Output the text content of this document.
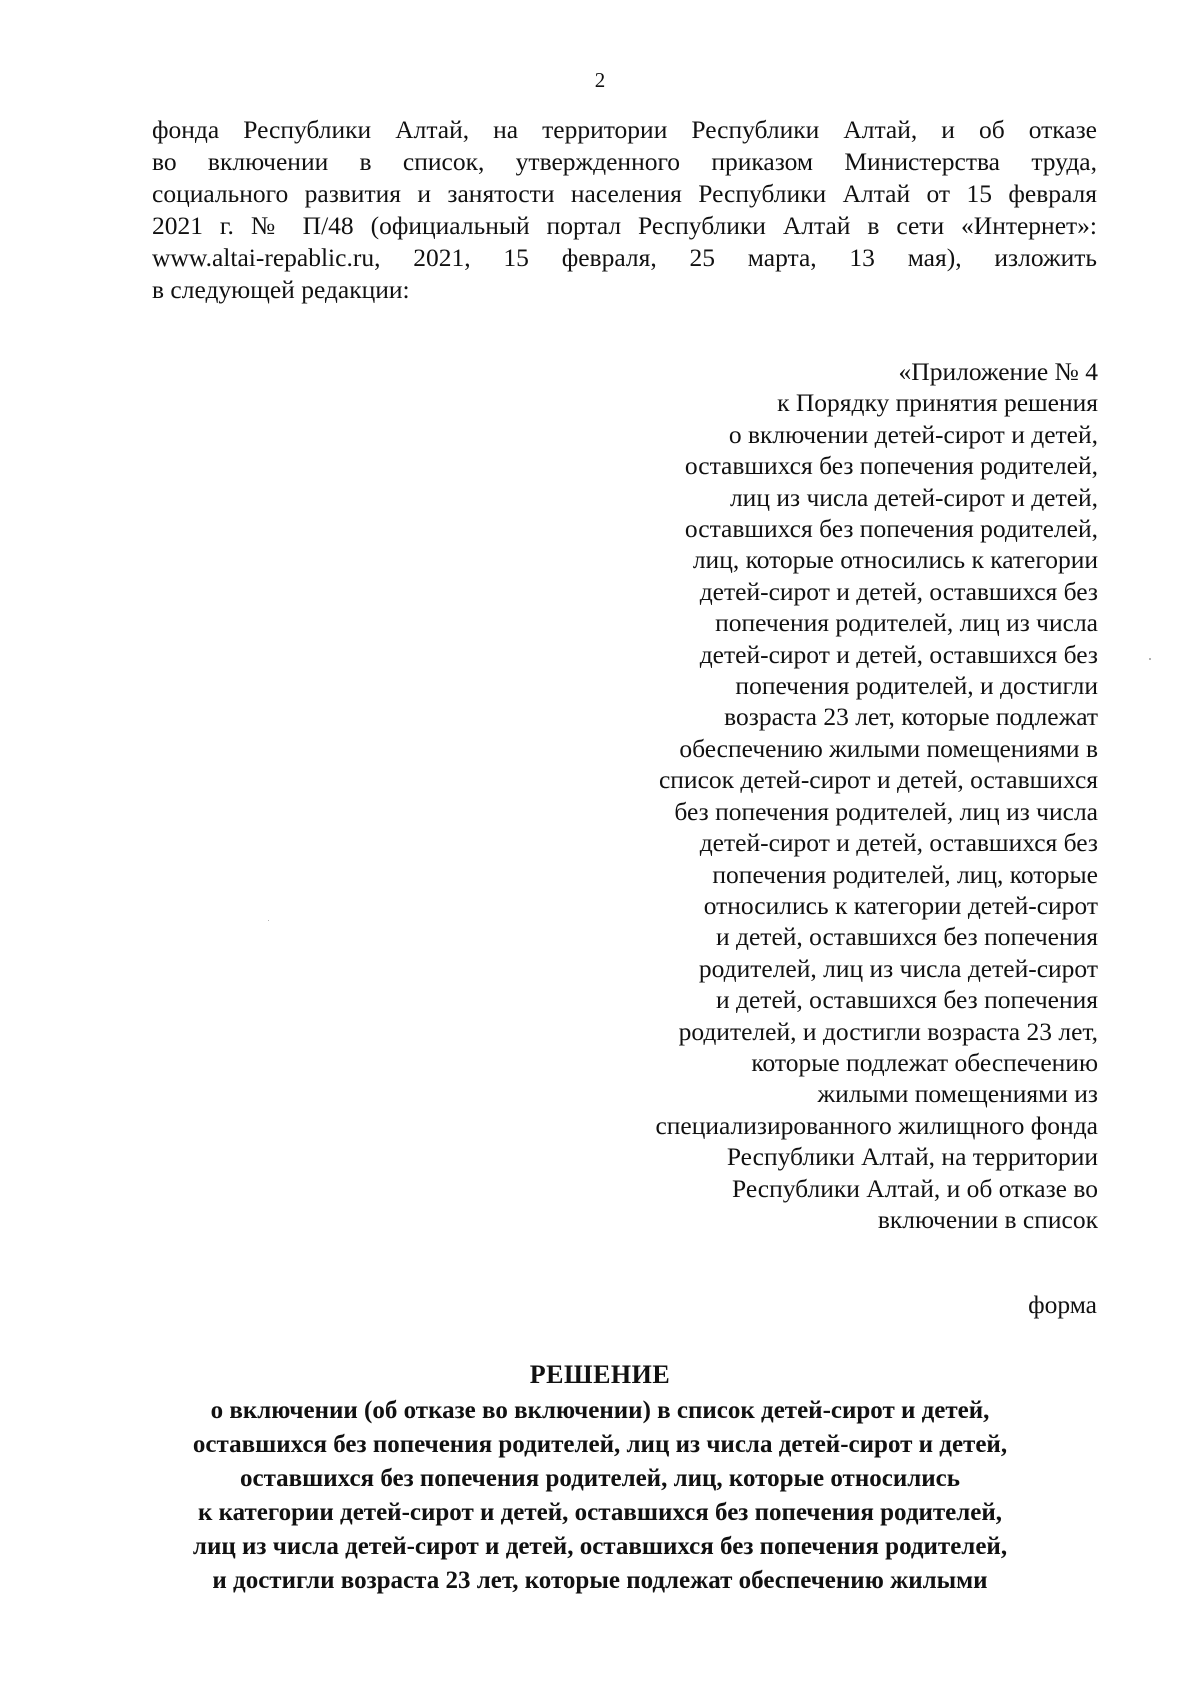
2
фонда Республики Алтай, на территории Республики Алтай, и об отказе
во включении в список, утвержденного приказом Министерства труда,
социального развития и занятости населения Республики Алтай от 15 февраля
2021 г. № П/48 (официальный портал Республики Алтай в сети «Интернет»:
www.altai-repablic.ru, 2021, 15 февраля, 25 марта, 13 мая), изложить
в следующей редакции:
«Приложение № 4
к Порядку принятия решения
о включении детей-сирот и детей,
оставшихся без попечения родителей,
лиц из числа детей-сирот и детей,
оставшихся без попечения родителей,
лиц, которые относились к категории
детей-сирот и детей, оставшихся без
попечения родителей, лиц из числа
детей-сирот и детей, оставшихся без
попечения родителей, и достигли
возраста 23 лет, которые подлежат
обеспечению жилыми помещениями в
список детей-сирот и детей, оставшихся
без попечения родителей, лиц из числа
детей-сирот и детей, оставшихся без
попечения родителей, лиц, которые
относились к категории детей-сирот
и детей, оставшихся без попечения
родителей, лиц из числа детей-сирот
и детей, оставшихся без попечения
родителей, и достигли возраста 23 лет,
которые подлежат обеспечению
жилыми помещениями из
специализированного жилищного фонда
Республики Алтай, на территории
Республики Алтай, и об отказе во
включении в список
форма
РЕШЕНИЕ
о включении (об отказе во включении) в список детей-сирот и детей,
оставшихся без попечения родителей, лиц из числа детей-сирот и детей,
оставшихся без попечения родителей, лиц, которые относились
к категории детей-сирот и детей, оставшихся без попечения родителей,
лиц из числа детей-сирот и детей, оставшихся без попечения родителей,
и достигли возраста 23 лет, которые подлежат обеспечению жилыми
